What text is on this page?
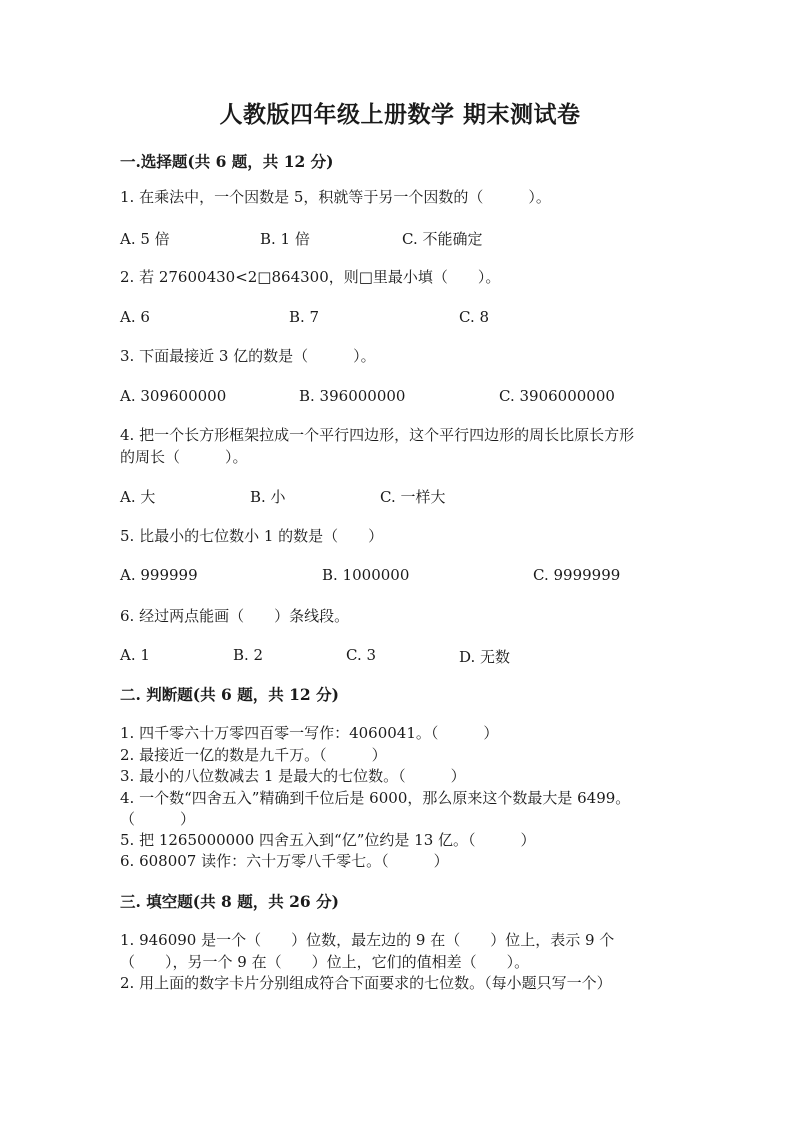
人教版四年级上册数学 期末测试卷
一.选择题(共 6 题，共 12 分)
1. 在乘法中，一个因数是 5，积就等于另一个因数的（　　　）。
A. 5 倍	B. 1 倍	C. 不能确定
2. 若 27600430<2□864300，则□里最小填（　　）。
A. 6	B. 7	C. 8
3. 下面最接近 3 亿的数是（　　　）。
A. 309600000	B. 396000000	C. 3906000000
4. 把一个长方形框架拉成一个平行四边形，这个平行四边形的周长比原长方形
的周长（　　　）。
A. 大	B. 小	C. 一样大
5. 比最小的七位数小 1 的数是（　　）
A. 999999	B. 1000000	C. 9999999
6. 经过两点能画（　　）条线段。
A. 1	B. 2	C. 3	D. 无数
二. 判断题(共 6 题，共 12 分)
1. 四千零六十万零四百零一写作：4060041。（　　　）
2. 最接近一亿的数是九千万。（　　　）
3. 最小的八位数减去 1 是最大的七位数。（　　　）
4. 一个数“四舍五入”精确到千位后是 6000，那么原来这个数最大是 6499。
（　　　）
5. 把 1265000000 四舍五入到“亿”位约是 13 亿。（　　　）
6. 608007 读作：六十万零八千零七。（　　　）
三. 填空题(共 8 题，共 26 分)
1. 946090 是一个（　　）位数，最左边的 9 在（　　）位上，表示 9 个
（　　），另一个 9 在（　　）位上，它们的值相差（　　）。
2. 用上面的数字卡片分别组成符合下面要求的七位数。（每小题只写一个）
